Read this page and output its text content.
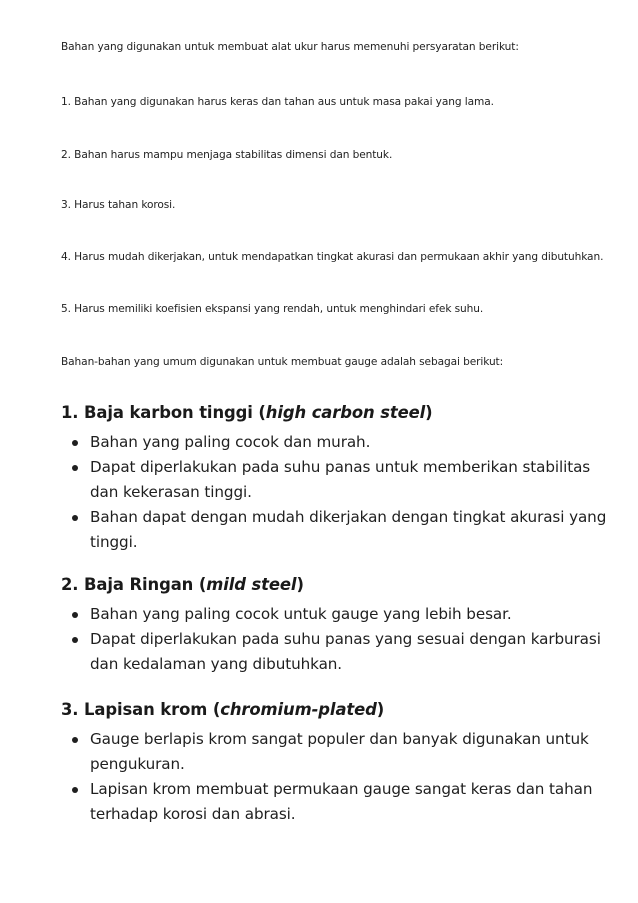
Bahan yang digunakan untuk membuat alat ukur harus memenuhi persyaratan berikut:
1. Bahan yang digunakan harus keras dan tahan aus untuk masa pakai yang lama.
2. Bahan harus mampu menjaga stabilitas dimensi dan bentuk.
3. Harus tahan korosi.
4. Harus mudah dikerjakan, untuk mendapatkan tingkat akurasi dan permukaan akhir yang dibutuhkan.
5. Harus memiliki koefisien ekspansi yang rendah, untuk menghindari efek suhu.
Bahan-bahan yang umum digunakan untuk membuat gauge adalah sebagai berikut:
1. Baja karbon tinggi (high carbon steel)
Bahan yang paling cocok dan murah.
Dapat diperlakukan pada suhu panas untuk memberikan stabilitas dan kekerasan tinggi.
Bahan dapat dengan mudah dikerjakan dengan tingkat akurasi yang tinggi.
2. Baja Ringan (mild steel)
Bahan yang paling cocok untuk gauge yang lebih besar.
Dapat diperlakukan pada suhu panas yang sesuai dengan karburasi dan kedalaman yang dibutuhkan.
3. Lapisan krom (chromium-plated)
Gauge berlapis krom sangat populer dan banyak digunakan untuk pengukuran.
Lapisan krom membuat permukaan gauge sangat keras dan tahan terhadap korosi dan abrasi.
